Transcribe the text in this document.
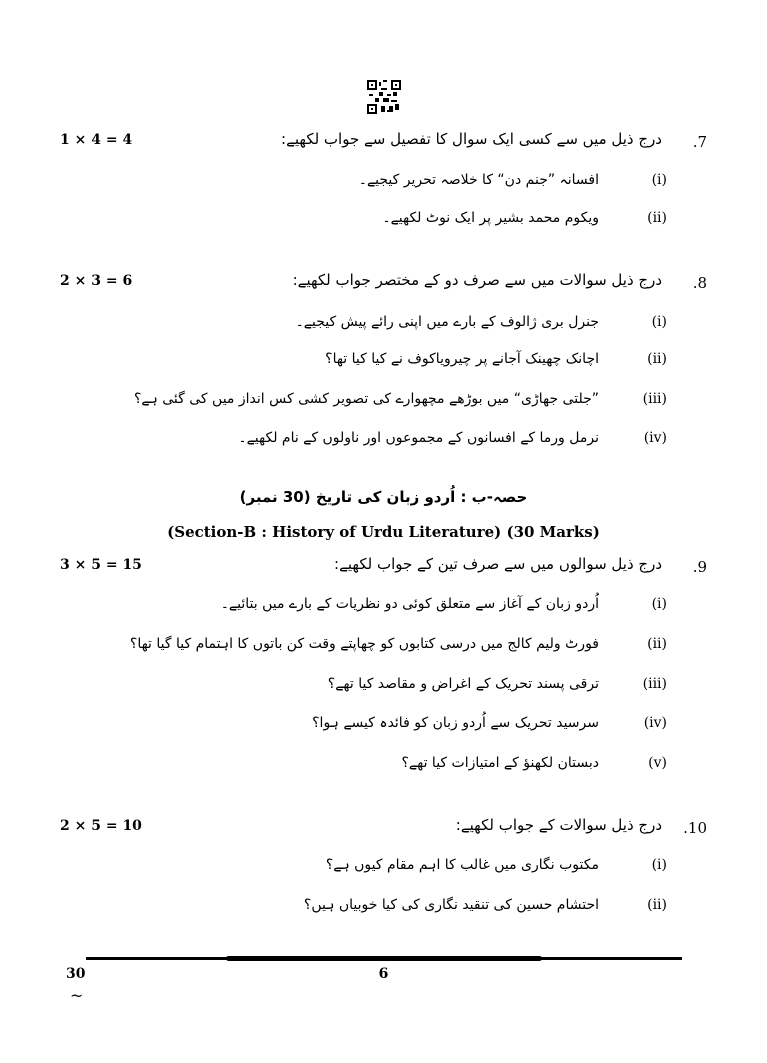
1 × 4 = 4	.7
درج ذیل میں سے کسی ایک سوال کا تفصیل سے جواب لکھیے:
(i)
افسانہ ”جنم دن“ کا خلاصہ تحریر کیجیے۔
(ii)
ویکوم محمد بشیر پر ایک نوٹ لکھیے۔
2 × 3 = 6	.8
درج ذیل سوالات میں سے صرف دو کے مختصر جواب لکھیے:
(i)
جنرل بری ژالوف کے بارے میں اپنی رائے پیش کیجیے۔
(ii)
اچانک چھینک آجانے پر چیرویاکوف نے کیا کیا تھا؟
(iii)
”جلتی جھاڑی“ میں بوڑھے مچھوارے کی تصویر کشی کس انداز میں کی گئی ہے؟
(iv)
نرمل ورما کے افسانوں کے مجموعوں اور ناولوں کے نام لکھیے۔
حصہ-ب : اُردو زبان کی تاریخ (30 نمبر)
(Section-B : History of Urdu Literature) (30 Marks)
3 × 5 = 15	.9
درج ذیل سوالوں میں سے صرف تین کے جواب لکھیے:
(i)
اُردو زبان کے آغاز سے متعلق کوئی دو نظریات کے بارے میں بتائیے۔
(ii)
فورٹ ولیم کالج میں درسی کتابوں کو چھاپتے وقت کن باتوں کا اہتمام کیا گیا تھا؟
(iii)
ترقی پسند تحریک کے اغراض و مقاصد کیا تھے؟
(iv)
سرسید تحریک سے اُردو زبان کو فائدہ کیسے ہوا؟
(v)
دبستان لکھنؤ کے امتیازات کیا تھے؟
2 × 5 = 10	.10
درج ذیل سوالات کے جواب لکھیے:
(i)
مکتوب نگاری میں غالب کا اہم مقام کیوں ہے؟
(ii)
احتشام حسین کی تنقید نگاری کی کیا خوبیاں ہیں؟
30
~
6
